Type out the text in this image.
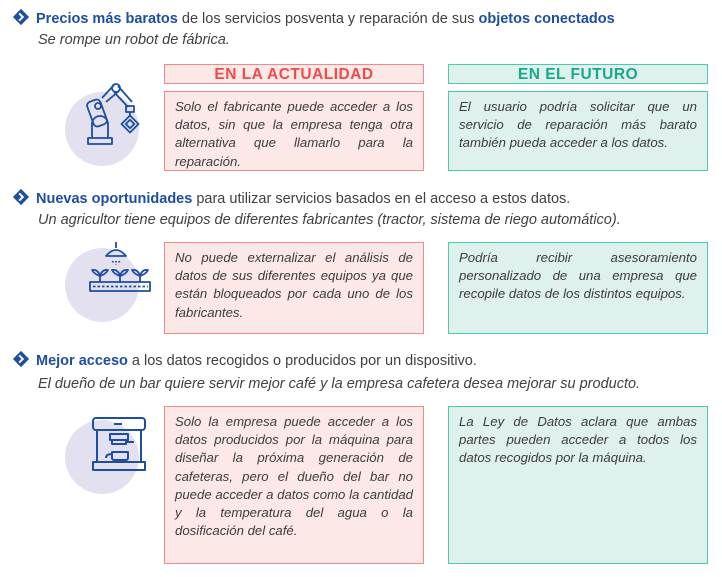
Precios más baratos de los servicios posventa y reparación de sus objetos conectados
Se rompe un robot de fábrica.
EN LA ACTUALIDAD	EN EL FUTURO
Solo el fabricante puede acceder a los datos, sin que la empresa tenga otra alternativa que llamarlo para la reparación.
El usuario podría solicitar que un servicio de reparación más barato también pueda acceder a los datos.
Nuevas oportunidades para utilizar servicios basados en el acceso a estos datos.
Un agricultor tiene equipos de diferentes fabricantes (tractor, sistema de riego automático).
No puede externalizar el análisis de datos de sus diferentes equipos ya que están bloqueados por cada uno de los fabricantes.
Podría recibir asesoramiento personalizado de una empresa que recopile datos de los distintos equipos.
Mejor acceso a los datos recogidos o producidos por un dispositivo.
El dueño de un bar quiere servir mejor café y la empresa cafetera desea mejorar su producto.
Solo la empresa puede acceder a los datos producidos por la máquina para diseñar la próxima generación de cafeteras, pero el dueño del bar no puede acceder a datos como la cantidad y la temperatura del agua o la dosificación del café.
La Ley de Datos aclara que ambas partes pueden acceder a todos los datos recogidos por la máquina.
